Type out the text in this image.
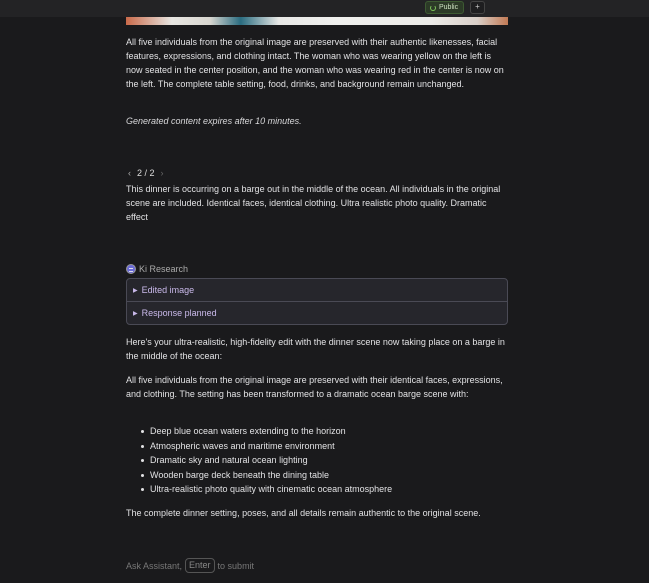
Public	+

All five individuals from the original image are preserved with their authentic likenesses, facial features, expressions, and clothing intact. The woman who was wearing yellow on the left is now seated in the center position, and the woman who was wearing red in the center is now on the left. The complete table setting, food, drinks, and background remain unchanged.

Generated content expires after 10 minutes.

‹ 2 / 2 ›

This dinner is occurring on a barge out in the middle of the ocean. All individuals in the original scene are included. Identical faces, identical clothing. Ultra realistic photo quality. Dramatic effect

Ki Research
▶ Edited image
▶ Response planned

Here's your ultra-realistic, high-fidelity edit with the dinner scene now taking place on a barge in the middle of the ocean:

All five individuals from the original image are preserved with their identical faces, expressions, and clothing. The setting has been transformed to a dramatic ocean barge scene with:

Deep blue ocean waters extending to the horizon
Atmospheric waves and maritime environment
Dramatic sky and natural ocean lighting
Wooden barge deck beneath the dining table
Ultra-realistic photo quality with cinematic ocean atmosphere

The complete dinner setting, poses, and all details remain authentic to the original scene.

Ask Assistant, Enter to submit
